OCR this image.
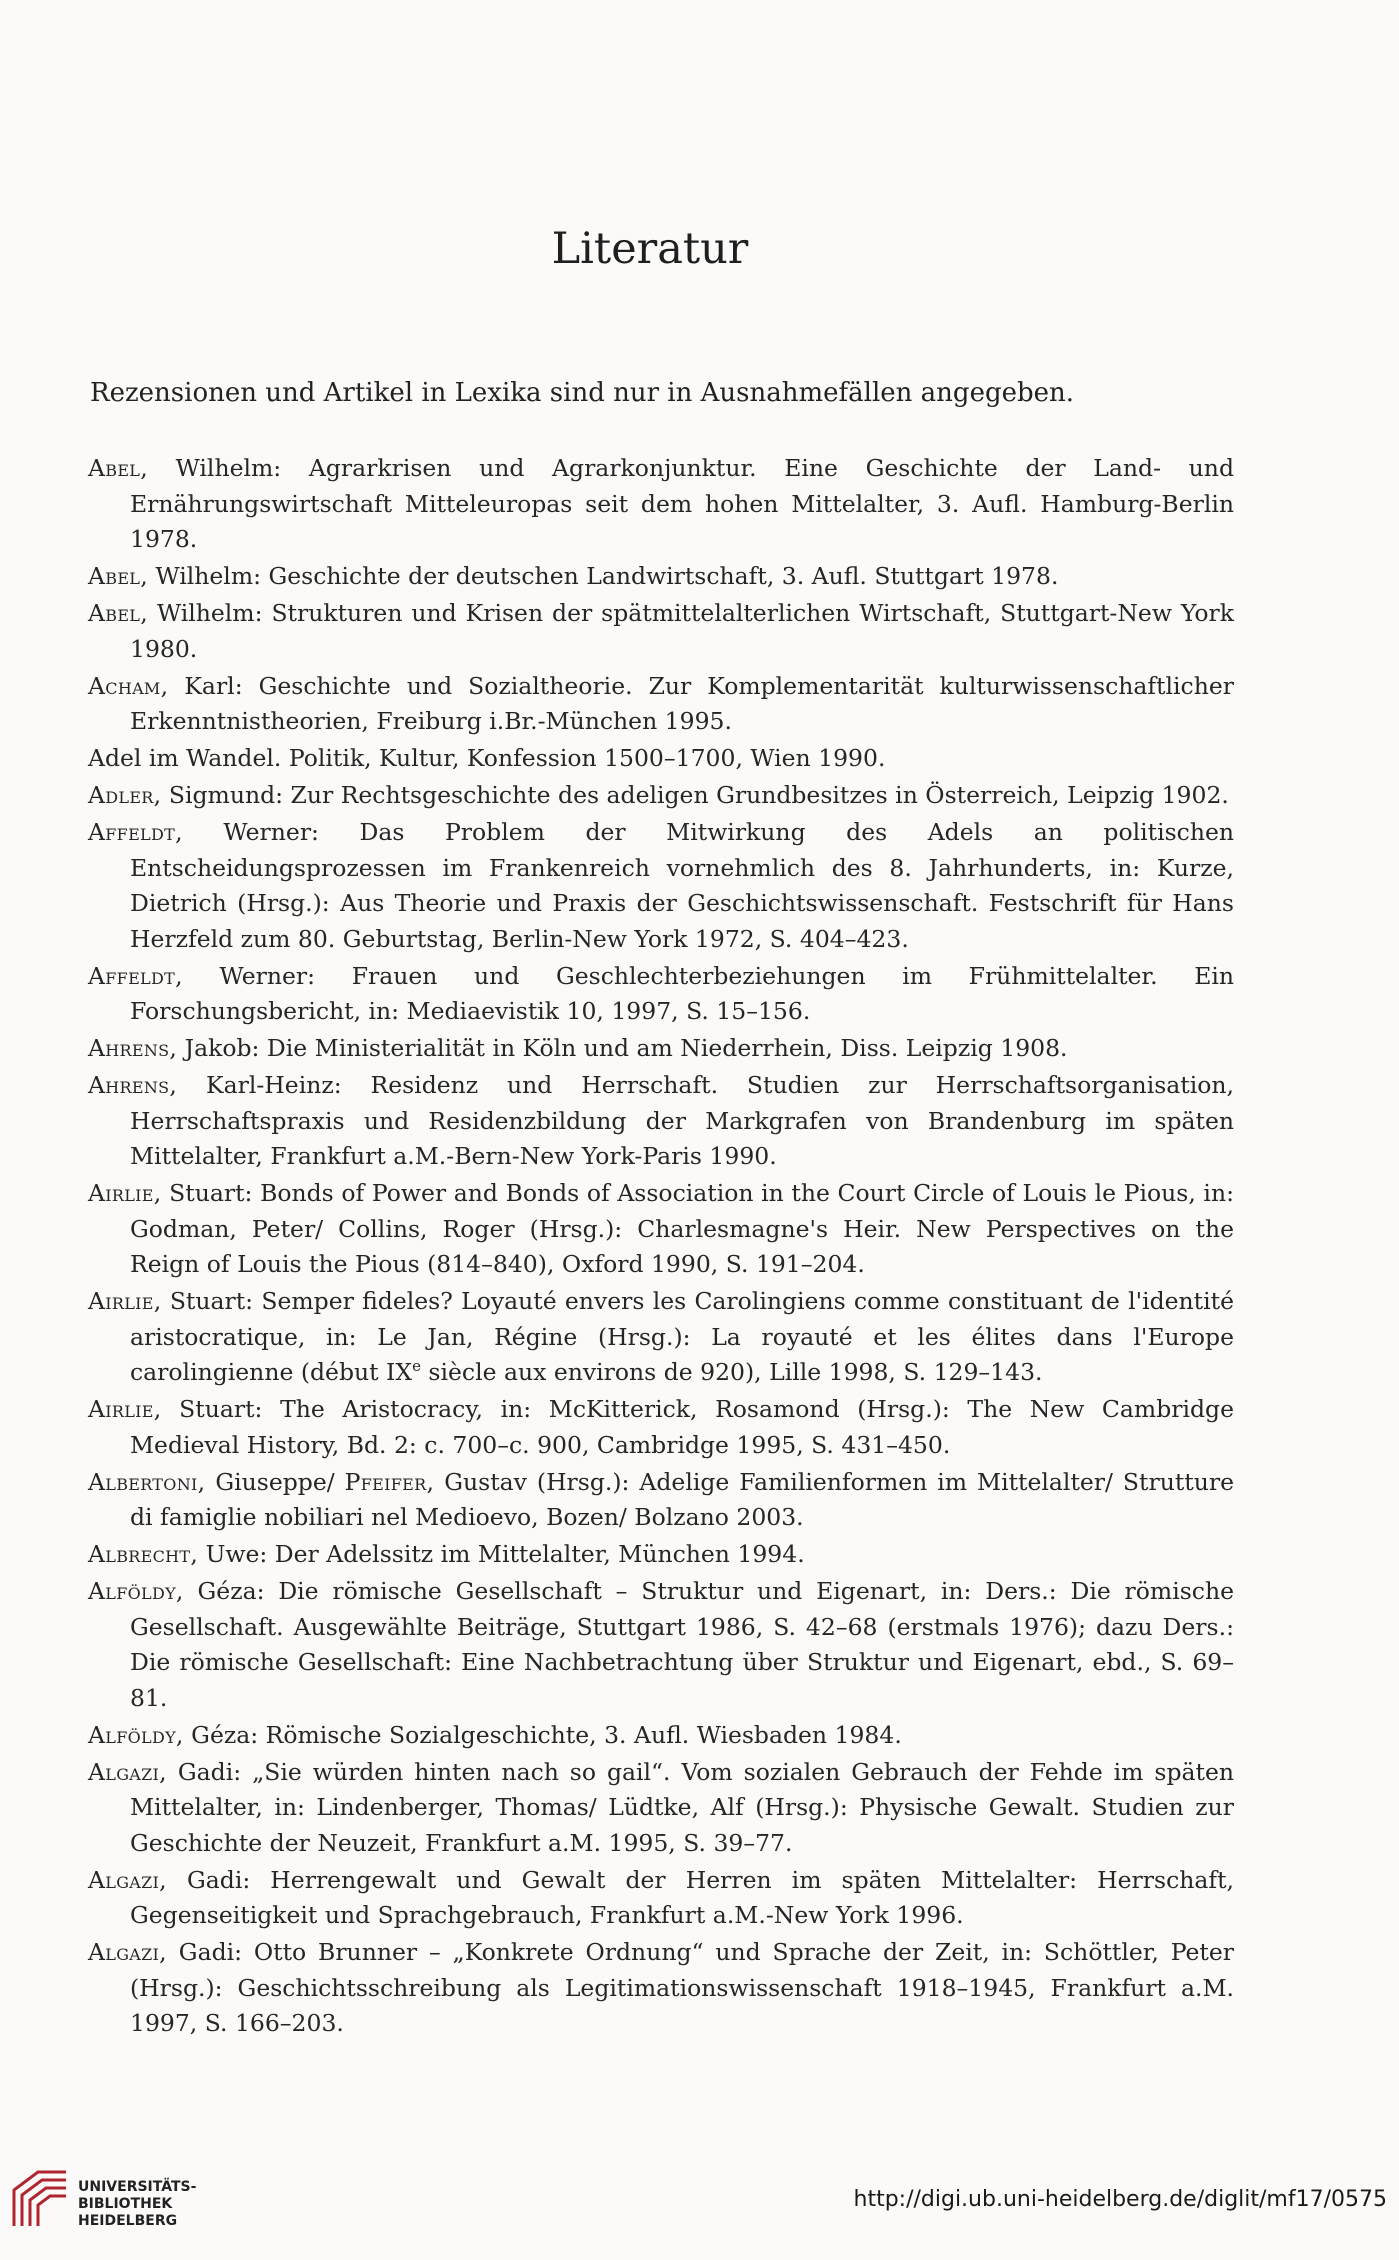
Literatur
Rezensionen und Artikel in Lexika sind nur in Ausnahmefällen angegeben.
Abel, Wilhelm: Agrarkrisen und Agrarkonjunktur. Eine Geschichte der Land- und Ernährungswirtschaft Mitteleuropas seit dem hohen Mittelalter, 3. Aufl. Hamburg-Berlin 1978.
Abel, Wilhelm: Geschichte der deutschen Landwirtschaft, 3. Aufl. Stuttgart 1978.
Abel, Wilhelm: Strukturen und Krisen der spätmittelalterlichen Wirtschaft, Stuttgart-New York 1980.
Acham, Karl: Geschichte und Sozialtheorie. Zur Komplementarität kulturwissenschaftlicher Erkenntnistheorien, Freiburg i.Br.-München 1995.
Adel im Wandel. Politik, Kultur, Konfession 1500–1700, Wien 1990.
Adler, Sigmund: Zur Rechtsgeschichte des adeligen Grundbesitzes in Österreich, Leipzig 1902.
Affeldt, Werner: Das Problem der Mitwirkung des Adels an politischen Entscheidungsprozessen im Frankenreich vornehmlich des 8. Jahrhunderts, in: Kurze, Dietrich (Hrsg.): Aus Theorie und Praxis der Geschichtswissenschaft. Festschrift für Hans Herzfeld zum 80. Geburtstag, Berlin-New York 1972, S. 404–423.
Affeldt, Werner: Frauen und Geschlechterbeziehungen im Frühmittelalter. Ein Forschungsbericht, in: Mediaevistik 10, 1997, S. 15–156.
Ahrens, Jakob: Die Ministerialität in Köln und am Niederrhein, Diss. Leipzig 1908.
Ahrens, Karl-Heinz: Residenz und Herrschaft. Studien zur Herrschaftsorganisation, Herrschaftspraxis und Residenzbildung der Markgrafen von Brandenburg im späten Mittelalter, Frankfurt a.M.-Bern-New York-Paris 1990.
Airlie, Stuart: Bonds of Power and Bonds of Association in the Court Circle of Louis le Pious, in: Godman, Peter/ Collins, Roger (Hrsg.): Charlesmagne's Heir. New Perspectives on the Reign of Louis the Pious (814–840), Oxford 1990, S. 191–204.
Airlie, Stuart: Semper fideles? Loyauté envers les Carolingiens comme constituant de l'identité aristocratique, in: Le Jan, Régine (Hrsg.): La royauté et les élites dans l'Europe carolingienne (début IXe siècle aux environs de 920), Lille 1998, S. 129–143.
Airlie, Stuart: The Aristocracy, in: McKitterick, Rosamond (Hrsg.): The New Cambridge Medieval History, Bd. 2: c. 700–c. 900, Cambridge 1995, S. 431–450.
Albertoni, Giuseppe/ Pfeifer, Gustav (Hrsg.): Adelige Familienformen im Mittelalter/ Strutture di famiglie nobiliari nel Medioevo, Bozen/ Bolzano 2003.
Albrecht, Uwe: Der Adelssitz im Mittelalter, München 1994.
Alföldy, Géza: Die römische Gesellschaft – Struktur und Eigenart, in: Ders.: Die römische Gesellschaft. Ausgewählte Beiträge, Stuttgart 1986, S. 42–68 (erstmals 1976); dazu Ders.: Die römische Gesellschaft: Eine Nachbetrachtung über Struktur und Eigenart, ebd., S. 69–81.
Alföldy, Géza: Römische Sozialgeschichte, 3. Aufl. Wiesbaden 1984.
Algazi, Gadi: „Sie würden hinten nach so gail“. Vom sozialen Gebrauch der Fehde im späten Mittelalter, in: Lindenberger, Thomas/ Lüdtke, Alf (Hrsg.): Physische Gewalt. Studien zur Geschichte der Neuzeit, Frankfurt a.M. 1995, S. 39–77.
Algazi, Gadi: Herrengewalt und Gewalt der Herren im späten Mittelalter: Herrschaft, Gegenseitigkeit und Sprachgebrauch, Frankfurt a.M.-New York 1996.
Algazi, Gadi: Otto Brunner – „Konkrete Ordnung“ und Sprache der Zeit, in: Schöttler, Peter (Hrsg.): Geschichtsschreibung als Legitimationswissenschaft 1918–1945, Frankfurt a.M. 1997, S. 166–203.
UNIVERSITÄTS-
BIBLIOTHEK
HEIDELBERG
http://digi.ub.uni-heidelberg.de/diglit/mf17/0575
